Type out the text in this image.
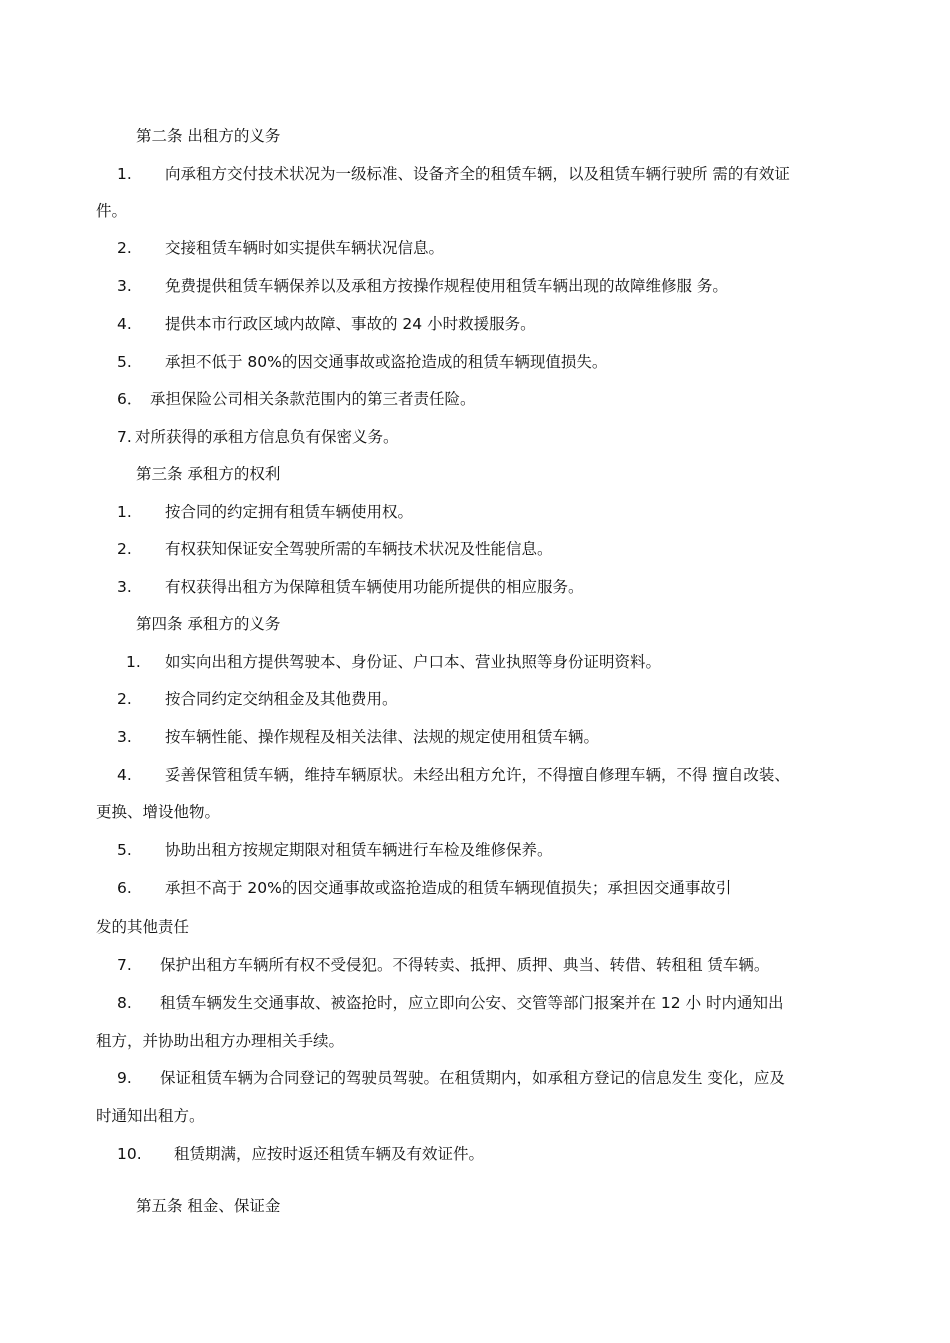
第二条 出租方的义务
1. 向承租方交付技术状况为一级标准、设备齐全的租赁车辆，以及租赁车辆行驶所 需的有效证
件。
2. 交接租赁车辆时如实提供车辆状况信息。
3. 免费提供租赁车辆保养以及承租方按操作规程使用租赁车辆出现的故障维修服 务。
4. 提供本市行政区域内故障、事故的 24 小时救援服务。
5. 承担不低于 80%的因交通事故或盗抢造成的租赁车辆现值损失。
6． 承担保险公司相关条款范围内的第三者责任险。
7. 对所获得的承租方信息负有保密义务。
第三条 承租方的权利
1. 按合同的约定拥有租赁车辆使用权。
2. 有权获知保证安全驾驶所需的车辆技术状况及性能信息。
3. 有权获得出租方为保障租赁车辆使用功能所提供的相应服务。
第四条 承租方的义务
1. 如实向出租方提供驾驶本、身份证、户口本、营业执照等身份证明资料。
2. 按合同约定交纳租金及其他费用。
3. 按车辆性能、操作规程及相关法律、法规的规定使用租赁车辆。
4. 妥善保管租赁车辆，维持车辆原状。未经出租方允许，不得擅自修理车辆，不得 擅自改装、
更换、增设他物。
5. 协助出租方按规定期限对租赁车辆进行车检及维修保养。
6. 承担不高于 20%的因交通事故或盗抢造成的租赁车辆现值损失；承担因交通事故引
发的其他责任
7. 保护出租方车辆所有权不受侵犯。不得转卖、抵押、质押、典当、转借、转租租 赁车辆。
8. 租赁车辆发生交通事故、被盗抢时，应立即向公安、交管等部门报案并在 12 小 时内通知出
租方，并协助出租方办理相关手续。
9. 保证租赁车辆为合同登记的驾驶员驾驶。在租赁期内，如承租方登记的信息发生 变化，应及
时通知出租方。
10. 租赁期满，应按时返还租赁车辆及有效证件。
第五条 租金、保证金
